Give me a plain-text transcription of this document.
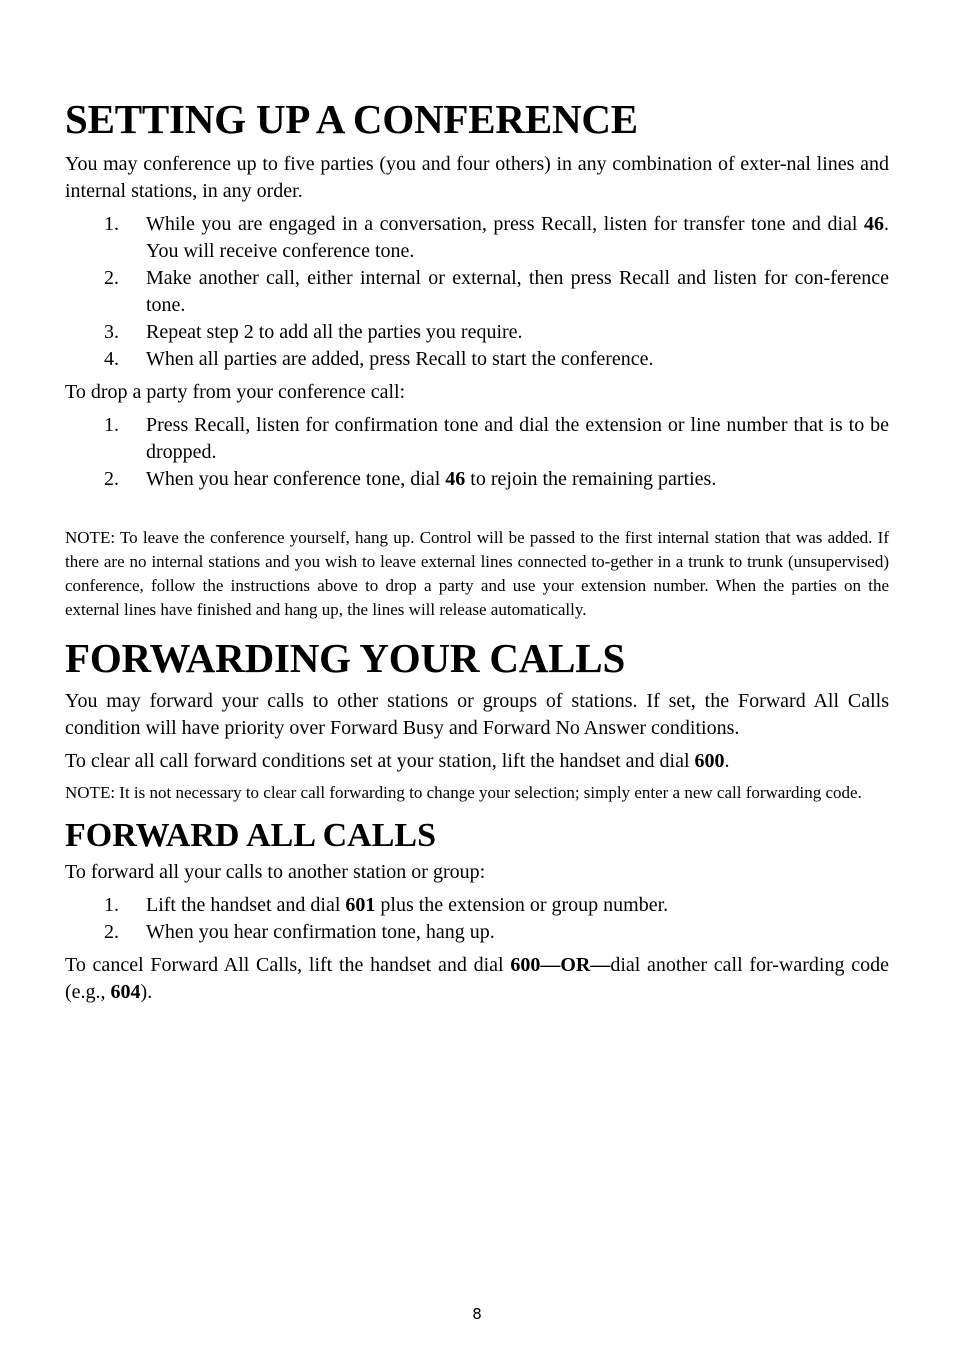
SETTING UP A CONFERENCE

You may conference up to five parties (you and four others) in any combination of exter-nal lines and internal stations, in any order.

1. While you are engaged in a conversation, press Recall, listen for transfer tone and dial 46. You will receive conference tone.
2. Make another call, either internal or external, then press Recall and listen for con-ference tone.
3. Repeat step 2 to add all the parties you require.
4. When all parties are added, press Recall to start the conference.

To drop a party from your conference call:

1. Press Recall, listen for confirmation tone and dial the extension or line number that is to be dropped.
2. When you hear conference tone, dial 46 to rejoin the remaining parties.

NOTE: To leave the conference yourself, hang up. Control will be passed to the first internal station that was added. If there are no internal stations and you wish to leave external lines connected to-gether in a trunk to trunk (unsupervised) conference, follow the instructions above to drop a party and use your extension number. When the parties on the external lines have finished and hang up, the lines will release automatically.

FORWARDING YOUR CALLS

You may forward your calls to other stations or groups of stations. If set, the Forward All Calls condition will have priority over Forward Busy and Forward No Answer conditions.

To clear all call forward conditions set at your station, lift the handset and dial 600.

NOTE: It is not necessary to clear call forwarding to change your selection; simply enter a new call forwarding code.

FORWARD ALL CALLS

To forward all your calls to another station or group:

1. Lift the handset and dial 601 plus the extension or group number.
2. When you hear confirmation tone, hang up.

To cancel Forward All Calls, lift the handset and dial 600—OR—dial another call for-warding code (e.g., 604).

8
